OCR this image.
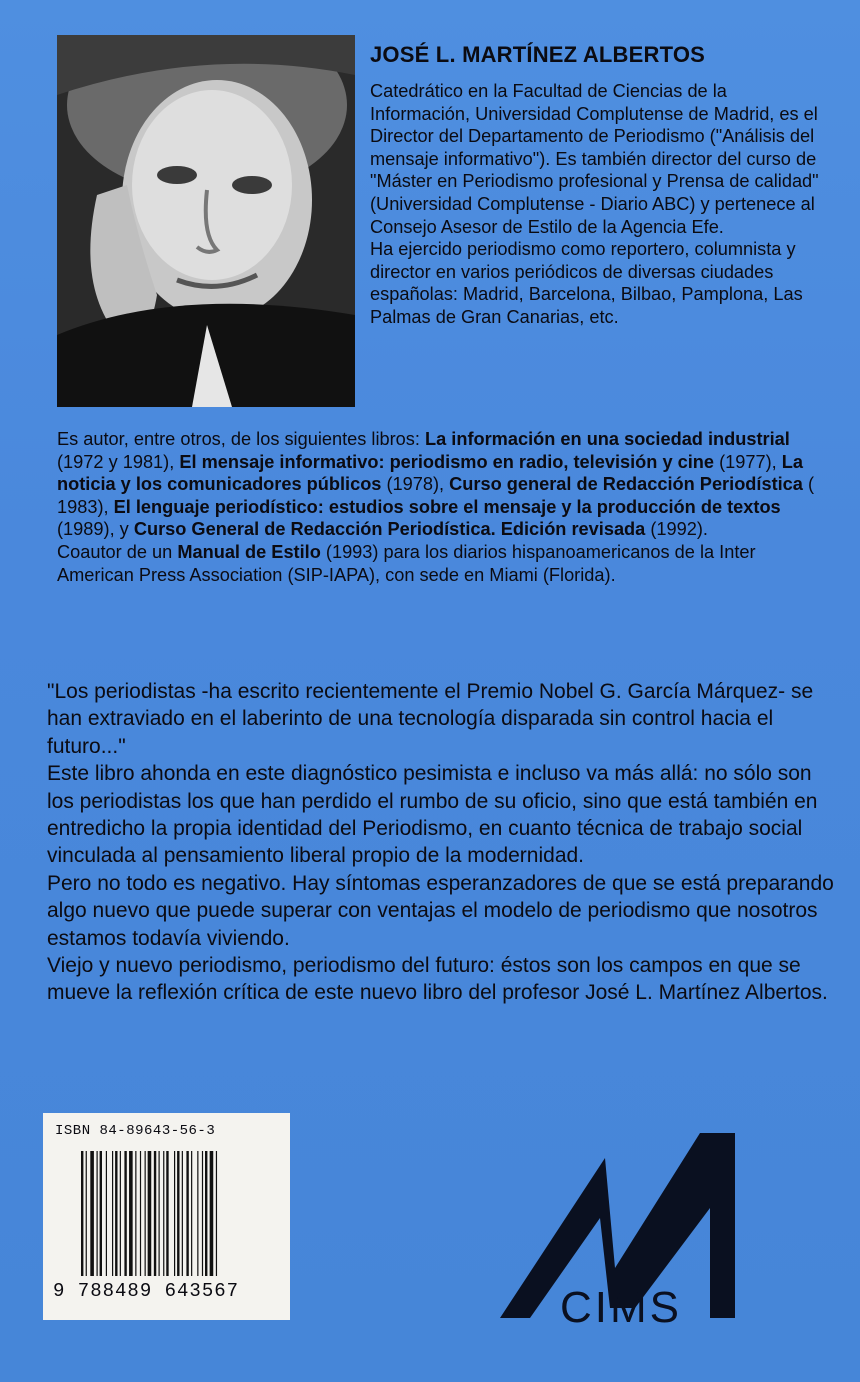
JOSÉ L. MARTÍNEZ ALBERTOS
Catedrático en la Facultad de Ciencias de la Información, Universidad Complutense de Madrid, es el Director del Departamento de Periodismo ("Análisis del mensaje informativo"). Es también director del curso de "Máster en Periodismo profesional y Prensa de calidad" (Universidad Complutense - Diario ABC) y pertenece al Consejo Asesor de Estilo de la Agencia Efe.
Ha ejercido periodismo como reportero, columnista y director en varios periódicos de diversas ciudades españolas: Madrid, Barcelona, Bilbao, Pamplona, Las Palmas de Gran Canarias, etc.
Es autor, entre otros, de los siguientes libros: La información en una sociedad industrial (1972 y 1981), El mensaje informativo: periodismo en radio, televisión y cine (1977), La noticia y los comunicadores públicos (1978), Curso general de Redacción Periodística ( 1983), El lenguaje periodístico: estudios sobre el mensaje y la producción de textos (1989), y Curso General de Redacción Periodística. Edición revisada (1992).
Coautor de un Manual de Estilo (1993) para los diarios hispanoamericanos de la Inter American Press Association (SIP-IAPA), con sede en Miami (Florida).

"Los periodistas -ha escrito recientemente el Premio Nobel G. García Márquez- se han extraviado en el laberinto de una tecnología disparada sin control hacia el futuro..."

Este libro ahonda en este diagnóstico pesimista e incluso va más allá: no sólo son los periodistas los que han perdido el rumbo de su oficio, sino que está también en entredicho la propia identidad del Periodismo, en cuanto técnica de trabajo social vinculada al pensamiento liberal propio de la modernidad.

Pero no todo es negativo. Hay síntomas esperanzadores de que se está preparando algo nuevo que puede superar con ventajas el modelo de periodismo que nosotros estamos todavía viviendo.

Viejo y nuevo periodismo, periodismo del futuro: éstos son los campos en que se mueve la reflexión crítica de este nuevo libro del profesor José L. Martínez Albertos.

ISBN 84-89643-56-3
9 788489 643567	CIMS
